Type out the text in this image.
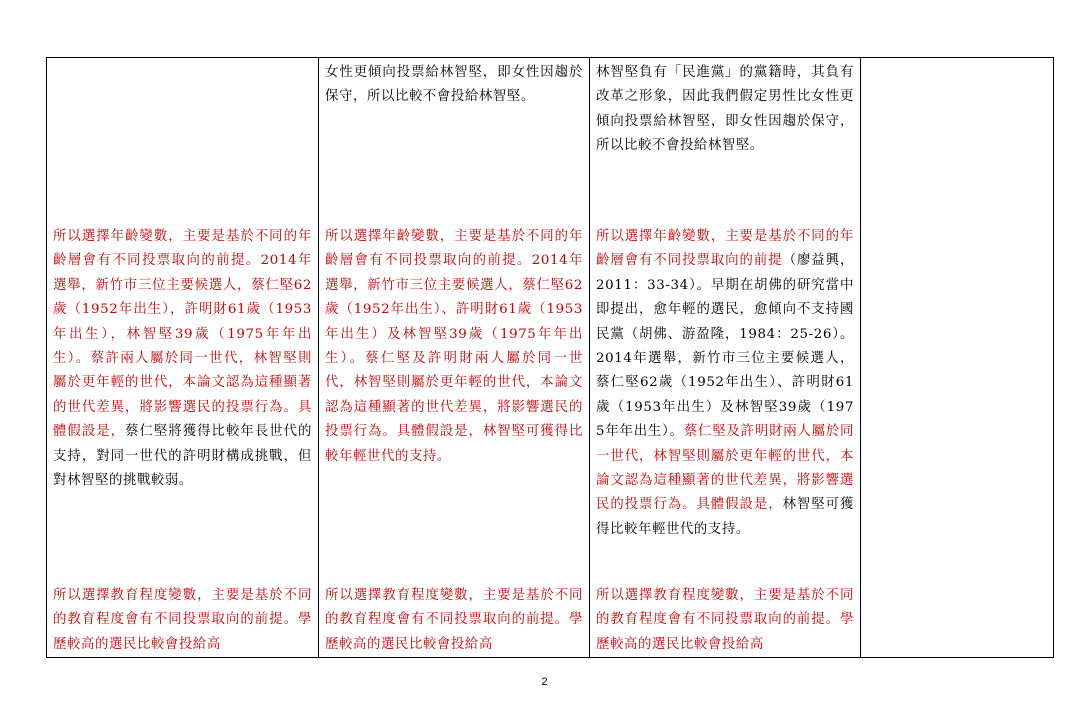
所以選擇年齡變數，主要是基於不同的年齡層會有不同投票取向的前提。2014年選舉，新竹市三位主要候選人，蔡仁堅62歲（1952年出生），許明財61歲（1953年出生），林智堅39歲（1975年年出生）。蔡許兩人屬於同一世代，林智堅則屬於更年輕的世代，本論文認為這種顯著的世代差異，將影響選民的投票行為。具體假設是，蔡仁堅將獲得比較年長世代的支持，對同一世代的許明財構成挑戰，但對林智堅的挑戰較弱。
所以選擇教育程度變數，主要是基於不同的教育程度會有不同投票取向的前提。學歷較高的選民比較會投給高
女性更傾向投票給林智堅，即女性因趨於保守，所以比較不會投給林智堅。
所以選擇年齡變數，主要是基於不同的年齡層會有不同投票取向的前提。2014年選舉，新竹市三位主要候選人，蔡仁堅62歲（1952年出生）、許明財61歲（1953年出生）及林智堅39歲（1975年年出生）。蔡仁堅及許明財兩人屬於同一世代，林智堅則屬於更年輕的世代，本論文認為這種顯著的世代差異，將影響選民的投票行為。具體假設是，林智堅可獲得比較年輕世代的支持。
所以選擇教育程度變數，主要是基於不同的教育程度會有不同投票取向的前提。學歷較高的選民比較會投給高
林智堅負有「民進黨」的黨籍時，其負有改革之形象，因此我們假定男性比女性更傾向投票給林智堅，即女性因趨於保守，所以比較不會投給林智堅。
所以選擇年齡變數，主要是基於不同的年齡層會有不同投票取向的前提（廖益興，2011：33-34）。早期在胡佛的研究當中即提出，愈年輕的選民，愈傾向不支持國民黨（胡佛、游盈隆，1984：25-26）。2014年選舉，新竹市三位主要候選人，蔡仁堅62歲（1952年出生）、許明財61歲（1953年出生）及林智堅39歲（1975年年出生）。蔡仁堅及許明財兩人屬於同一世代，林智堅則屬於更年輕的世代，本論文認為這種顯著的世代差異，將影響選民的投票行為。具體假設是，林智堅可獲得比較年輕世代的支持。
所以選擇教育程度變數，主要是基於不同的教育程度會有不同投票取向的前提。學歷較高的選民比較會投給高
2
